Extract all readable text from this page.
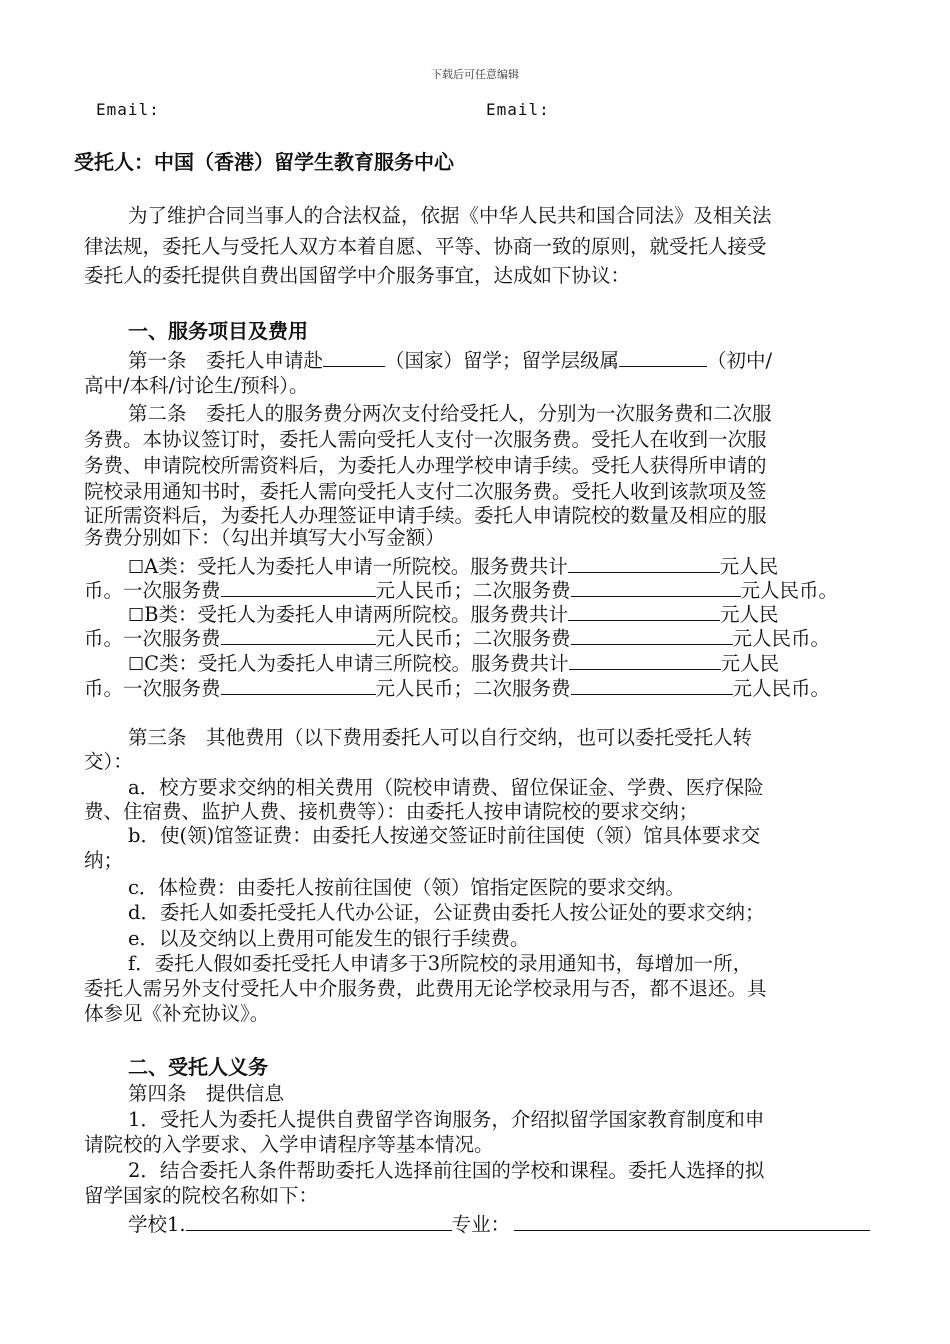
下载后可任意编辑
Email:	Email:
受托人：中国（香港）留学生教育服务中心
为了维护合同当事人的合法权益，依据《中华人民共和国合同法》及相关法
律法规，委托人与受托人双方本着自愿、平等、协商一致的原则，就受托人接受
委托人的委托提供自费出国留学中介服务事宜，达成如下协议：
一、服务项目及费用
第一条　委托人申请赴	（国家）留学；留学层级属	（初中/
高中/本科/讨论生/预科）。
第二条　委托人的服务费分两次支付给受托人，分别为一次服务费和二次服
务费。本协议签订时，委托人需向受托人支付一次服务费。受托人在收到一次服
务费、申请院校所需资料后，为委托人办理学校申请手续。受托人获得所申请的
院校录用通知书时，委托人需向受托人支付二次服务费。受托人收到该款项及签
证所需资料后，为委托人办理签证申请手续。委托人申请院校的数量及相应的服
务费分别如下：（勾出并填写大小写金额）
☐A类：受托人为委托人申请一所院校。服务费共计	元人民
币。一次服务费	元人民币；二次服务费	元人民币。
☐B类：受托人为委托人申请两所院校。服务费共计	元人民
币。一次服务费	元人民币；二次服务费	元人民币。
☐C类：受托人为委托人申请三所院校。服务费共计	元人民
币。一次服务费	元人民币；二次服务费	元人民币。
第三条　其他费用（以下费用委托人可以自行交纳，也可以委托受托人转
交）：
a．校方要求交纳的相关费用（院校申请费、留位保证金、学费、医疗保险
费、住宿费、监护人费、接机费等）：由委托人按申请院校的要求交纳；
b．使(领)馆签证费：由委托人按递交签证时前往国使（领）馆具体要求交
纳；
c．体检费：由委托人按前往国使（领）馆指定医院的要求交纳。
d．委托人如委托受托人代办公证，公证费由委托人按公证处的要求交纳；
e．以及交纳以上费用可能发生的银行手续费。
f．委托人假如委托受托人申请多于3所院校的录用通知书，每增加一所，
委托人需另外支付受托人中介服务费，此费用无论学校录用与否，都不退还。具
体参见《补充协议》。
二、受托人义务
第四条　提供信息
1．受托人为委托人提供自费留学咨询服务，介绍拟留学国家教育制度和申
请院校的入学要求、入学申请程序等基本情况。
2．结合委托人条件帮助委托人选择前往国的学校和课程。委托人选择的拟
留学国家的院校名称如下：
学校1.	专业：
